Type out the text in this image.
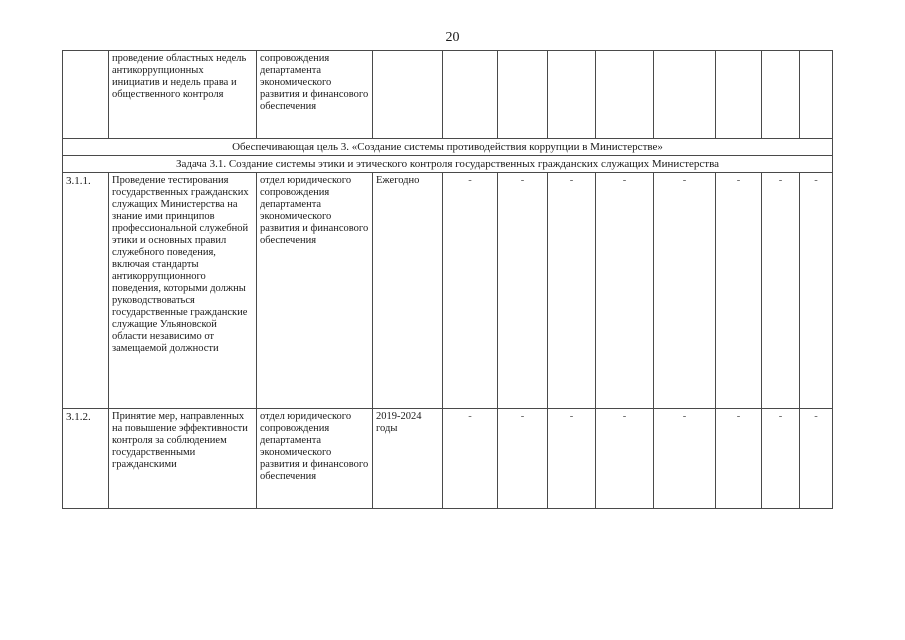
20
	проведение областных недель антикоррупционных инициатив и недель права и общественного контроля	сопровождения департамента экономического развития и финансового обеспечения									
Обеспечивающая цель 3. «Создание системы противодействия коррупции в Министерстве»											
Задача 3.1. Создание системы этики и этического контроля государственных гражданских служащих Министерства											
3.1.1.	Проведение тестирования государственных гражданских служащих Министерства на знание ими принципов профессиональной служебной этики и основных правил служебного поведения, включая стандарты антикоррупционного поведения, которыми должны руководствоваться государственные гражданские служащие Ульяновской области независимо от замещаемой должности	отдел юридического сопровождения департамента экономического развития и финансового обеспечения	Ежегодно	-	-	-	-	-	-	-	-
3.1.2.	Принятие мер, направленных на повышение эффективности контроля за соблюдением государственными гражданскими	отдел юридического сопровождения департамента экономического развития и финансового обеспечения	2019-2024 годы	-	-	-	-	-	-	-	-
